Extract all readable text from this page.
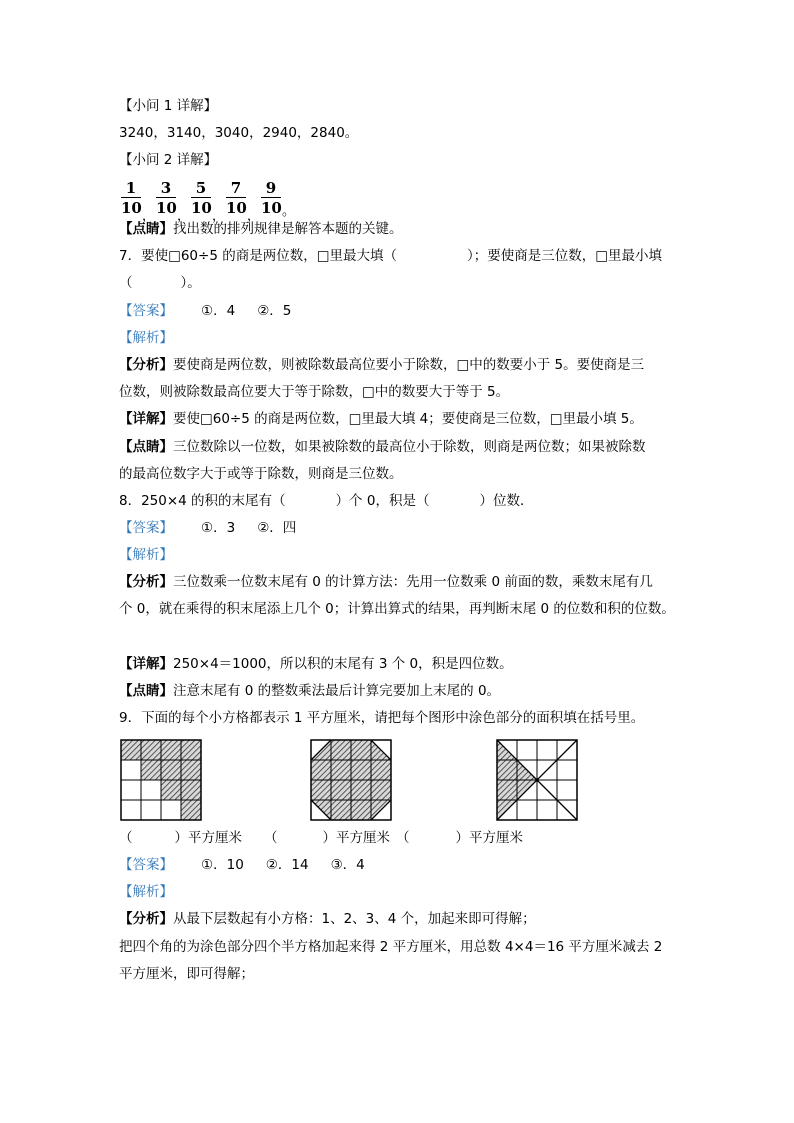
【小问 1 详解】
3240，3140，3040，2940，2840。
【小问 2 详解】
1
10 ，
3
10 ，
5
10 ，
7
10 ，
9
10 。
【点睛】找出数的排列规律是解答本题的关键。
7．要使□60÷5 的商是两位数，□里最大填（	）；要使商是三位数，□里最小填
（	）。
【答案】 ①．4 ②．5
【解析】
【分析】要使商是两位数，则被除数最高位要小于除数，□中的数要小于 5。要使商是三
位数，则被除数最高位要大于等于除数，□中的数要大于等于 5。
【详解】要使□60÷5 的商是两位数，□里最大填 4；要使商是三位数，□里最小填 5。
【点睛】三位数除以一位数，如果被除数的最高位小于除数，则商是两位数；如果被除数
的最高位数字大于或等于除数，则商是三位数。
8．250×4 的积的末尾有（	）个 0，积是（	）位数．
【答案】 ①．3 ②．四
【解析】
【分析】三位数乘一位数末尾有 0 的计算方法：先用一位数乘 0 前面的数，乘数末尾有几
个 0，就在乘得的积末尾添上几个 0；计算出算式的结果，再判断末尾 0 的位数和积的位数。
【详解】250×4＝1000，所以积的末尾有 3 个 0，积是四位数。
【点睛】注意末尾有 0 的整数乘法最后计算完要加上末尾的 0。
9．下面的每个小方格都表示 1 平方厘米，请把每个图形中涂色部分的面积填在括号里。
（	）平方厘米 （	）平方厘米 （	）平方厘米
【答案】 ①．10 ②．14 ③．4
【解析】
【分析】从最下层数起有小方格：1、2、3、4 个，加起来即可得解；
把四个角的为涂色部分四个半方格加起来得 2 平方厘米，用总数 4×4＝16 平方厘米减去 2
平方厘米，即可得解；
